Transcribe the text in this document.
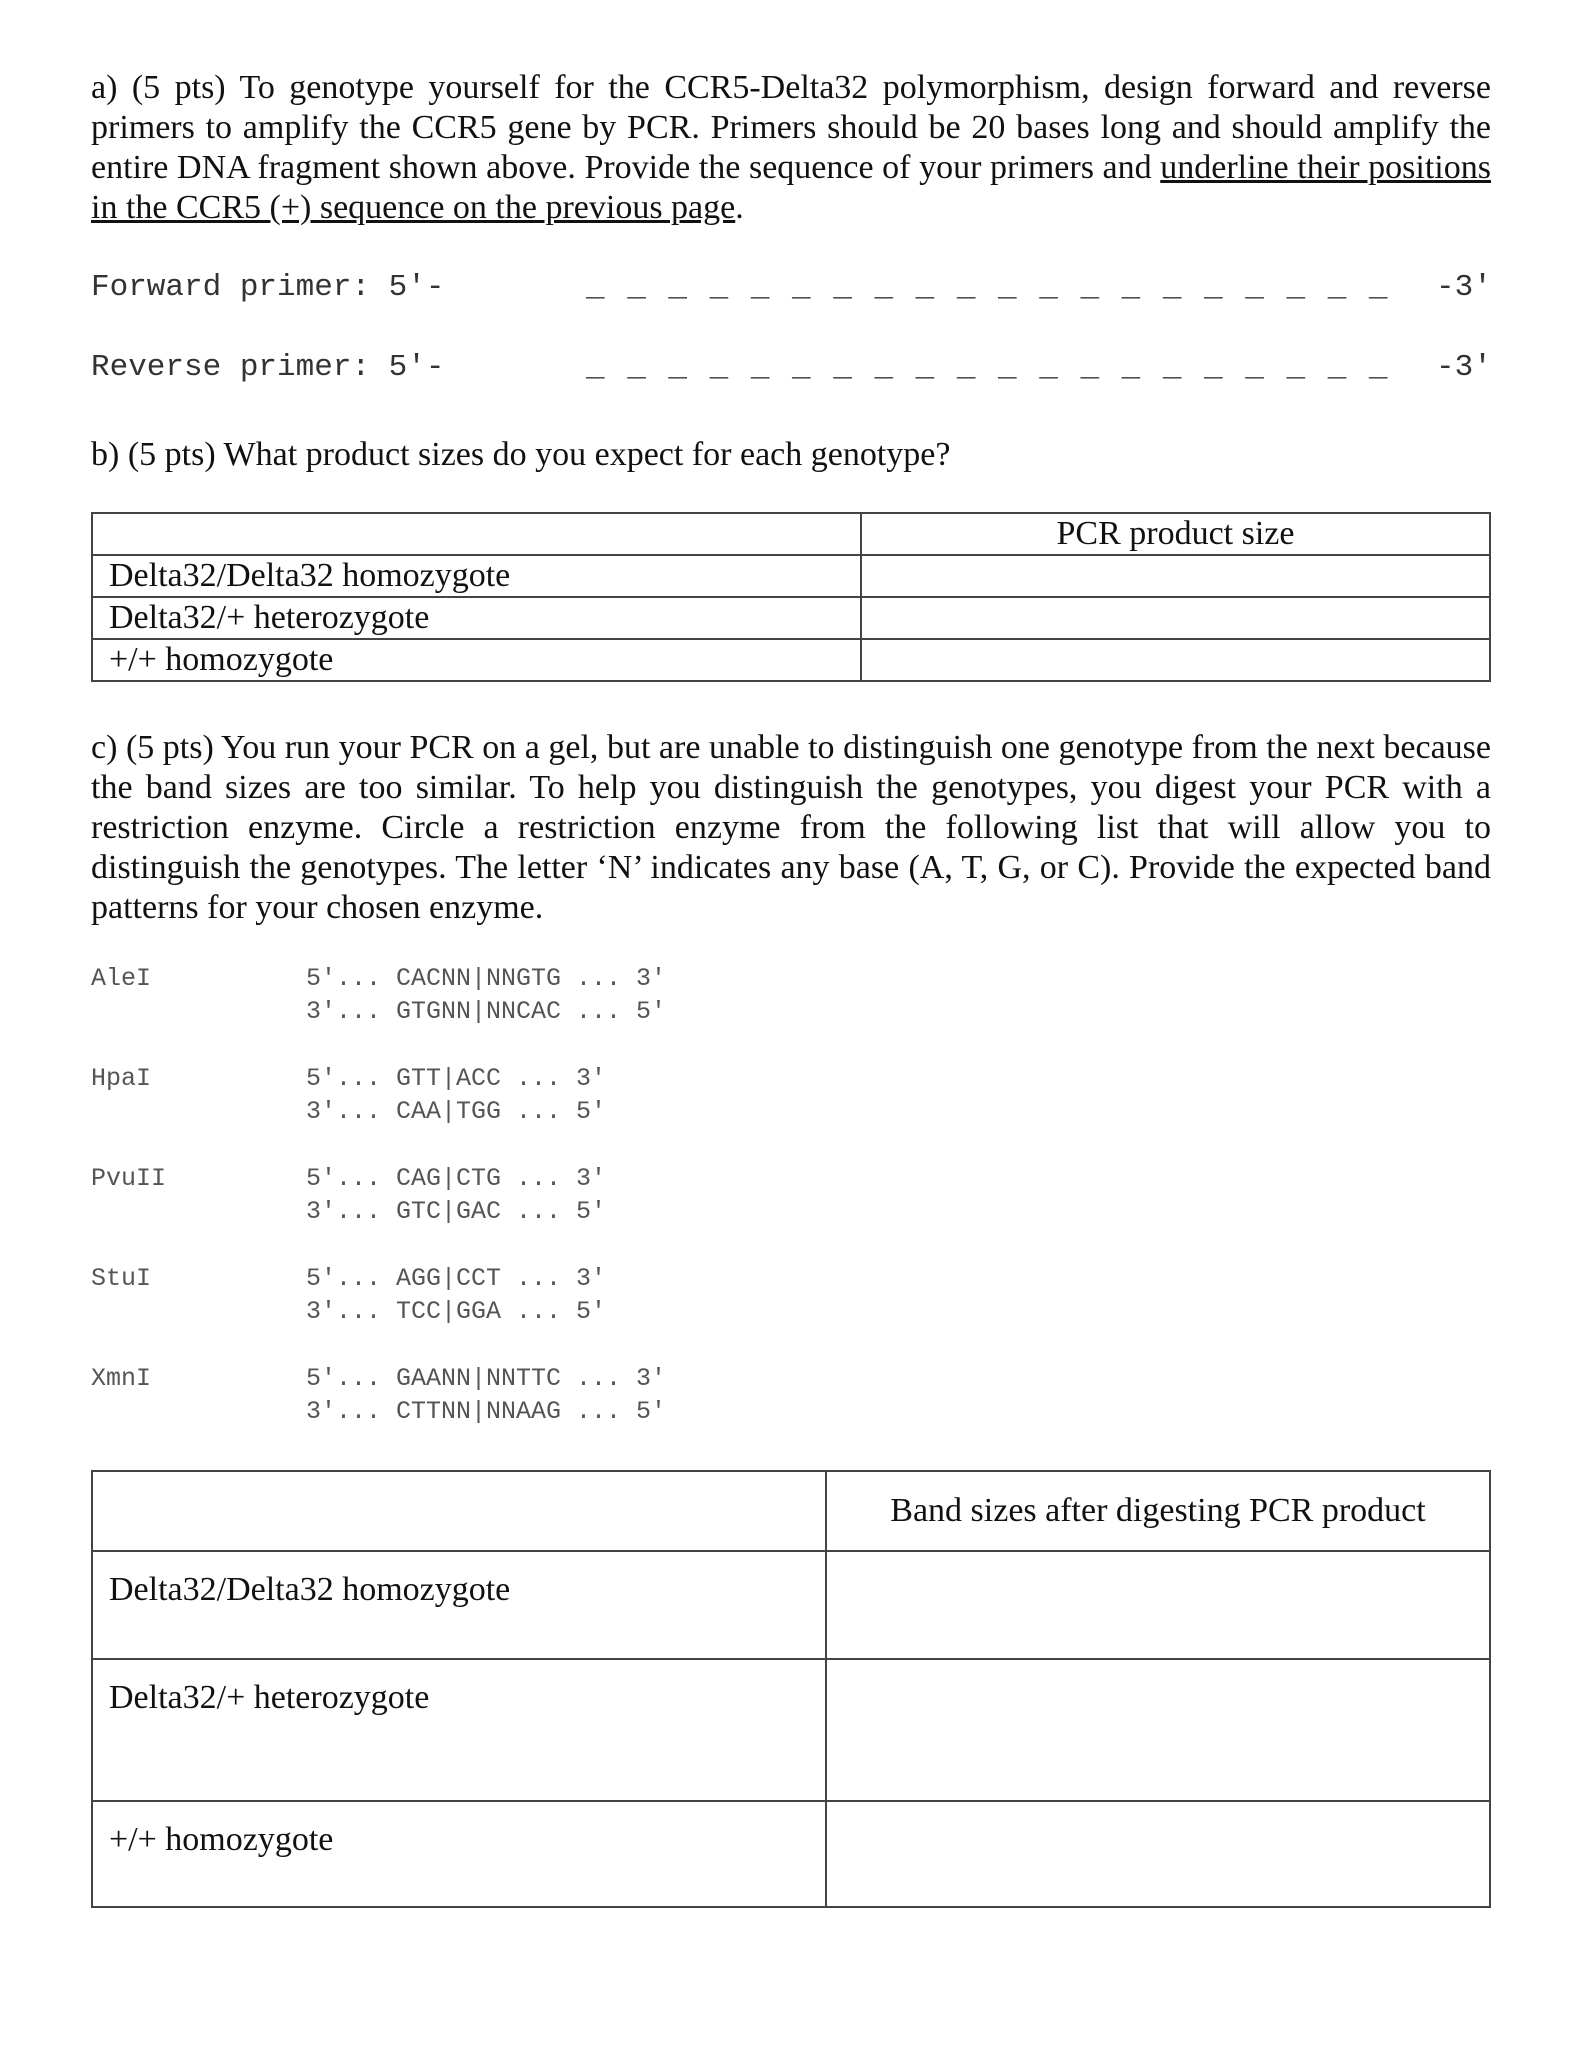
a) (5 pts) To genotype yourself for the CCR5-Delta32 polymorphism, design forward and reverse primers to amplify the CCR5 gene by PCR. Primers should be 20 bases long and should amplify the entire DNA fragment shown above. Provide the sequence of your primers and underline their positions in the CCR5 (+) sequence on the previous page.
Forward primer: 5′-	_ _ _ _ _ _ _ _ _ _ _ _ _ _ _ _ _ _ _ _ -3′
Reverse primer: 5′-	_ _ _ _ _ _ _ _ _ _ _ _ _ _ _ _ _ _ _ _ -3′
b) (5 pts) What product sizes do you expect for each genotype?
	PCR product size
Delta32/Delta32 homozygote	
Delta32/+ heterozygote	
+/+ homozygote	
c) (5 pts) You run your PCR on a gel, but are unable to distinguish one genotype from the next because the band sizes are too similar. To help you distinguish the genotypes, you digest your PCR with a restriction enzyme. Circle a restriction enzyme from the following list that will allow you to distinguish the genotypes. The letter ‘N’ indicates any base (A, T, G, or C). Provide the expected band patterns for your chosen enzyme.
AleI	5′... CACNN|NNGTG ... 3′
3′... GTGNN|NNCAC ... 5′
HpaI	5′... GTT|ACC ... 3′
3′... CAA|TGG ... 5′
PvuII	5′... CAG|CTG ... 3′
3′... GTC|GAC ... 5′
StuI	5′... AGG|CCT ... 3′
3′... TCC|GGA ... 5′
XmnI	5′... GAANN|NNTTC ... 3′
3′... CTTNN|NNAAG ... 5′
	Band sizes after digesting PCR product
Delta32/Delta32 homozygote	
Delta32/+ heterozygote	
+/+ homozygote	
